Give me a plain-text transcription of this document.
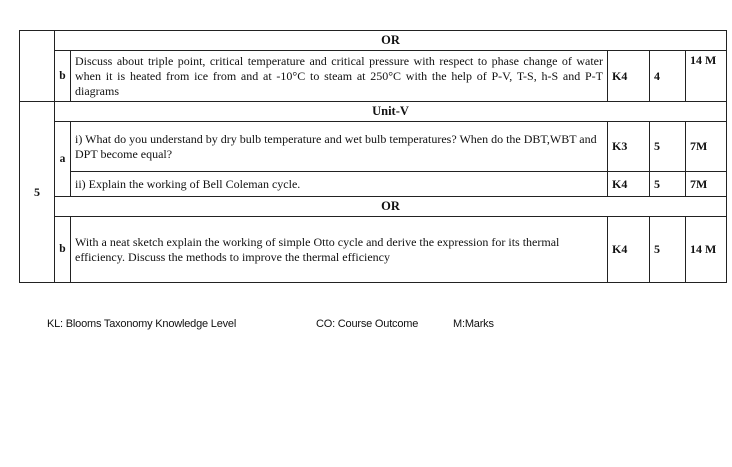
	OR				
	b	Discuss about triple point, critical temperature and critical pressure with respect to phase change of water when it is heated from ice from and at -10°C to steam at 250°C with the help of P-V, T-S, h-S and P-T diagrams	K4	4	14 M
5	Unit-V				
	a	i) What do you understand by dry bulb temperature and wet bulb temperatures? When do the DBT,WBT and DPT become equal?	K3	5	7M
		ii) Explain the working of Bell Coleman cycle.	K4	5	7M
	OR				
	b	With a neat sketch explain the working of simple Otto cycle and derive the expression for its thermal efficiency. Discuss the methods to improve the thermal efficiency	K4	5	14 M

KL: Blooms Taxonomy Knowledge Level	CO: Course Outcome	M:Marks
